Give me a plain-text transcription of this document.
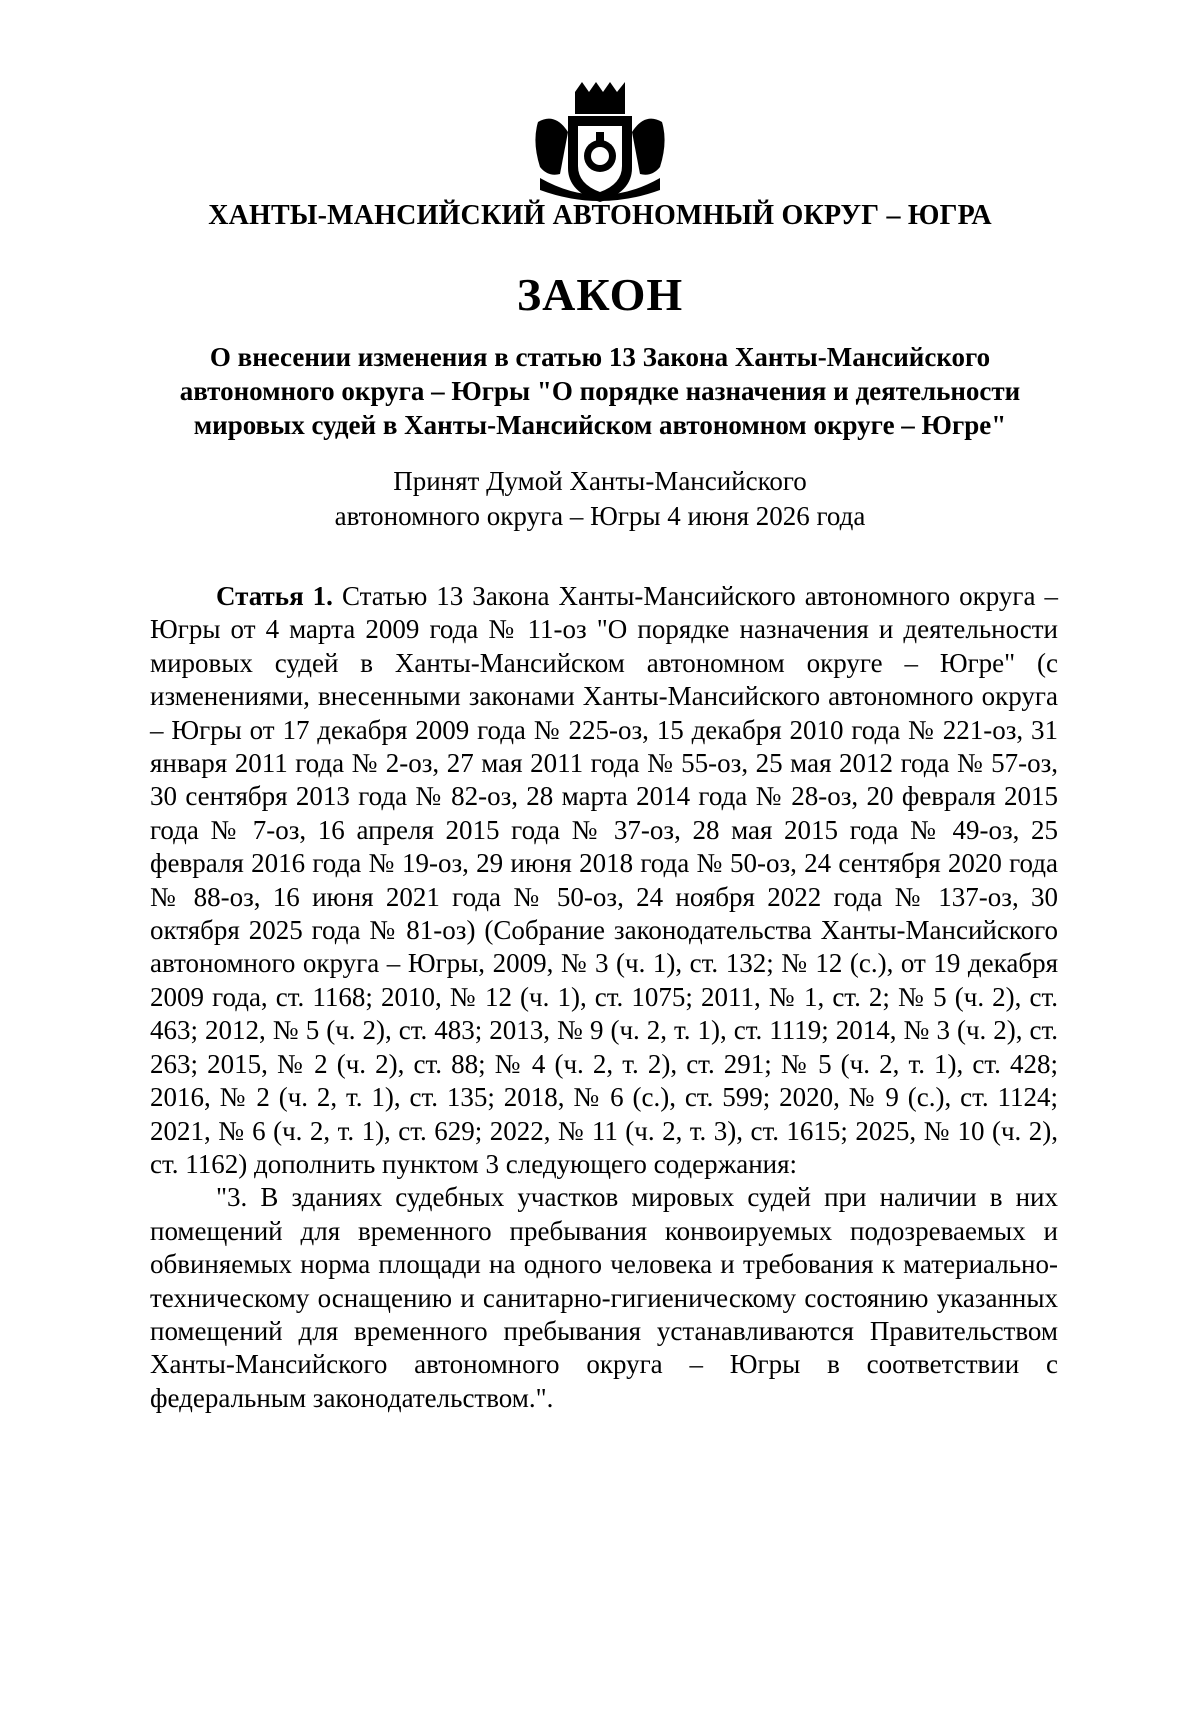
ХАНТЫ-МАНСИЙСКИЙ АВТОНОМНЫЙ ОКРУГ – ЮГРА
ЗАКОН
О внесении изменения в статью 13 Закона Ханты-Мансийского
автономного округа – Югры "О порядке назначения и деятельности
мировых судей в Ханты-Мансийском автономном округе – Югре"
Принят Думой Ханты-Мансийского
автономного округа – Югры 4 июня 2026 года

Статья 1. Статью 13 Закона Ханты-Мансийского автономного округа – Югры от 4 марта 2009 года № 11-оз "О порядке назначения и деятельности мировых судей в Ханты-Мансийском автономном округе – Югре" (с изменениями, внесенными законами Ханты-Мансийского автономного округа – Югры от 17 декабря 2009 года № 225-оз, 15 декабря 2010 года № 221-оз, 31 января 2011 года № 2-оз, 27 мая 2011 года № 55-оз, 25 мая 2012 года № 57-оз, 30 сентября 2013 года № 82-оз, 28 марта 2014 года № 28-оз, 20 февраля 2015 года № 7-оз, 16 апреля 2015 года № 37-оз, 28 мая 2015 года № 49-оз, 25 февраля 2016 года № 19-оз, 29 июня 2018 года № 50-оз, 24 сентября 2020 года № 88-оз, 16 июня 2021 года № 50-оз, 24 ноября 2022 года № 137-оз, 30 октября 2025 года № 81-оз) (Собрание законодательства Ханты-Мансийского автономного округа – Югры, 2009, № 3 (ч. 1), ст. 132; № 12 (с.), от 19 декабря 2009 года, ст. 1168; 2010, № 12 (ч. 1), ст. 1075; 2011, № 1, ст. 2; № 5 (ч. 2), ст. 463; 2012, № 5 (ч. 2), ст. 483; 2013, № 9 (ч. 2, т. 1), ст. 1119; 2014, № 3 (ч. 2), ст. 263; 2015, № 2 (ч. 2), ст. 88; № 4 (ч. 2, т. 2), ст. 291; № 5 (ч. 2, т. 1), ст. 428; 2016, № 2 (ч. 2, т. 1), ст. 135; 2018, № 6 (с.), ст. 599; 2020, № 9 (с.), ст. 1124; 2021, № 6 (ч. 2, т. 1), ст. 629; 2022, № 11 (ч. 2, т. 3), ст. 1615; 2025, № 10 (ч. 2), ст. 1162) дополнить пунктом 3 следующего содержания:

"3. В зданиях судебных участков мировых судей при наличии в них помещений для временного пребывания конвоируемых подозреваемых и обвиняемых норма площади на одного человека и требования к материально-техническому оснащению и санитарно-гигиеническому состоянию указанных помещений для временного пребывания устанавливаются Правительством Ханты-Мансийского автономного округа – Югры в соответствии с федеральным законодательством.".
